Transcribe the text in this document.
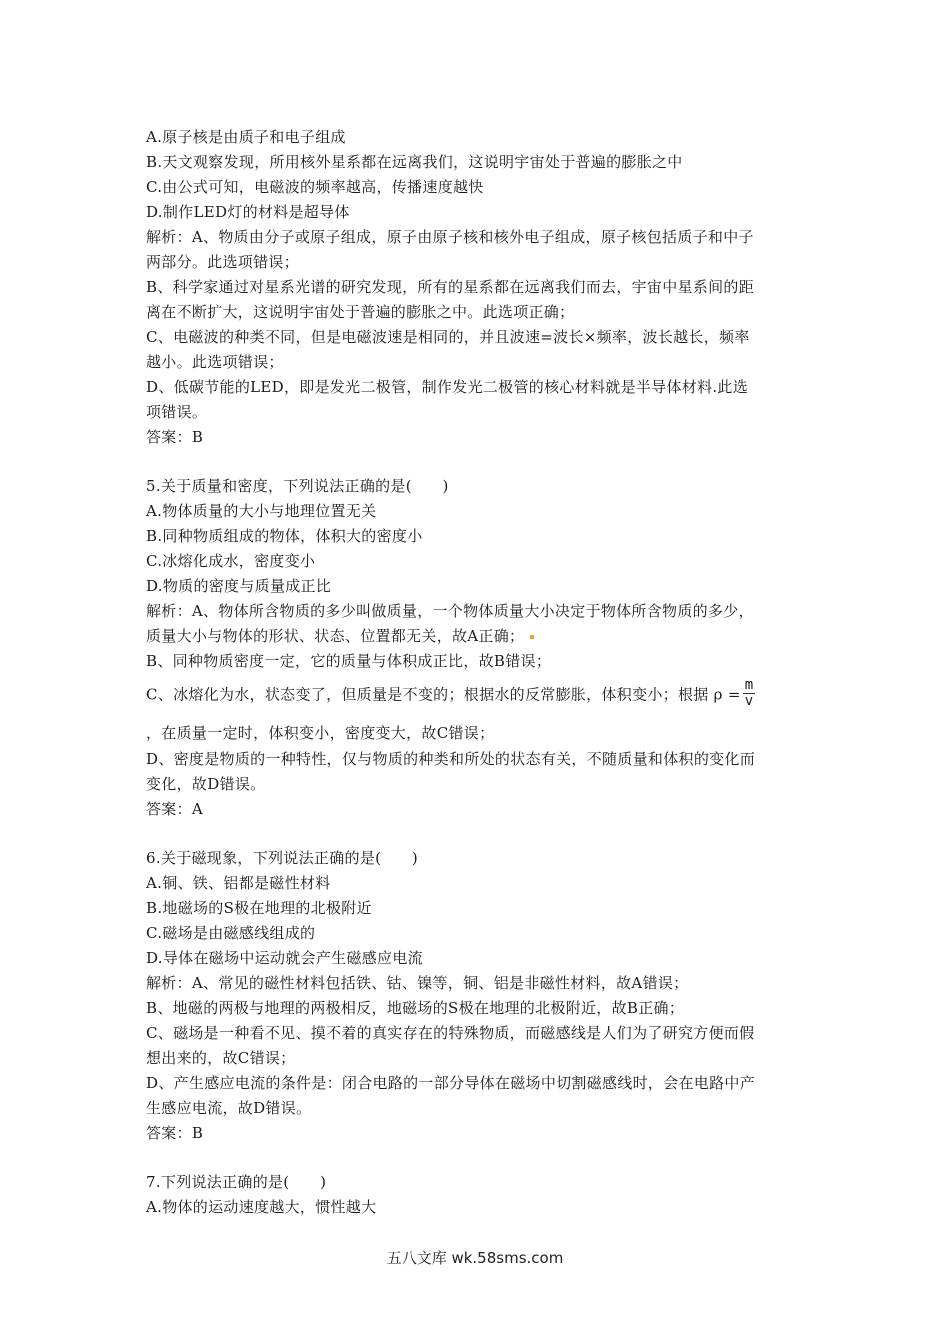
A.原子核是由质子和电子组成
B.天文观察发现，所用核外星系都在远离我们，这说明宇宙处于普遍的膨胀之中
C.由公式可知，电磁波的频率越高，传播速度越快
D.制作LED灯的材料是超导体
解析：A、物质由分子或原子组成，原子由原子核和核外电子组成，原子核包括质子和中子
两部分。此选项错误；
B、科学家通过对星系光谱的研究发现，所有的星系都在远离我们而去，宇宙中星系间的距
离在不断扩大，这说明宇宙处于普遍的膨胀之中。此选项正确；
C、电磁波的种类不同，但是电磁波速是相同的，并且波速=波长×频率，波长越长，频率
越小。此选项错误；
D、低碳节能的LED，即是发光二极管，制作发光二极管的核心材料就是半导体材料.此选
项错误。
答案：B
5.关于质量和密度，下列说法正确的是(　　)
A.物体质量的大小与地理位置无关
B.同种物质组成的物体，体积大的密度小
C.冰熔化成水，密度变小
D.物质的密度与质量成正比
解析：A、物体所含物质的多少叫做质量，一个物体质量大小决定于物体所含物质的多少，
质量大小与物体的形状、状态、位置都无关，故A正确；
B、同种物质密度一定，它的质量与体积成正比，故B错误；
C、冰熔化为水，状态变了，但质量是不变的；根据水的反常膨胀，体积变小；根据 $\rho = \frac{m}{v}$
，在质量一定时，体积变小，密度变大，故C错误；
D、密度是物质的一种特性，仅与物质的种类和所处的状态有关，不随质量和体积的变化而
变化，故D错误。
答案：A
6.关于磁现象，下列说法正确的是(　　)
A.铜、铁、铝都是磁性材料
B.地磁场的S极在地理的北极附近
C.磁场是由磁感线组成的
D.导体在磁场中运动就会产生磁感应电流
解析：A、常见的磁性材料包括铁、钴、镍等，铜、铝是非磁性材料，故A错误；
B、地磁的两极与地理的两极相反，地磁场的S极在地理的北极附近，故B正确；
C、磁场是一种看不见、摸不着的真实存在的特殊物质，而磁感线是人们为了研究方便而假
想出来的，故C错误；
D、产生感应电流的条件是：闭合电路的一部分导体在磁场中切割磁感线时，会在电路中产
生感应电流，故D错误。
答案：B
7.下列说法正确的是(　　)
A.物体的运动速度越大，惯性越大
五八文库 wk.58sms.com
